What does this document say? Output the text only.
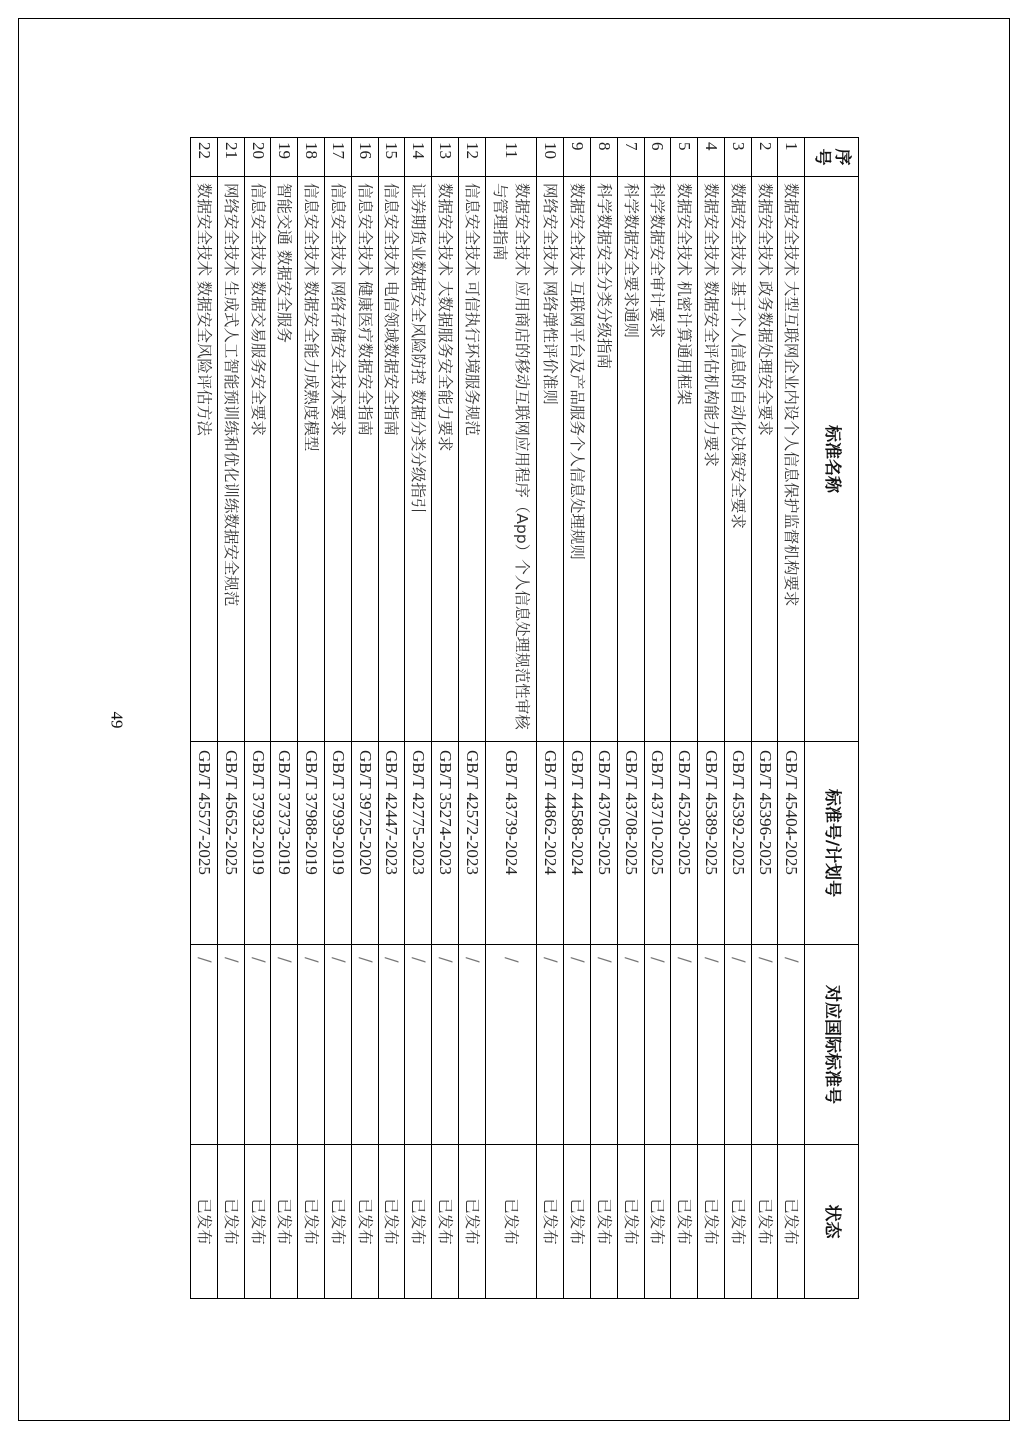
序号	标准名称	标准号/计划号	对应国际标准号	状态
1	数据安全技术 大型互联网企业内设个人信息保护监督机构要求	GB/T 45404-2025	/	已发布
2	数据安全技术 政务数据处理安全要求	GB/T 45396-2025	/	已发布
3	数据安全技术 基于个人信息的自动化决策安全要求	GB/T 45392-2025	/	已发布
4	数据安全技术 数据安全评估机构能力要求	GB/T 45389-2025	/	已发布
5	数据安全技术 机密计算通用框架	GB/T 45230-2025	/	已发布
6	科学数据安全审计要求	GB/T 43710-2025	/	已发布
7	科学数据安全要求通则	GB/T 43708-2025	/	已发布
8	科学数据安全分类分级指南	GB/T 43705-2025	/	已发布
9	数据安全技术 互联网平台及产品服务个人信息处理规则	GB/T 44588-2024	/	已发布
10	网络安全技术 网络弹性评价准则	GB/T 44862-2024	/	已发布
11	数据安全技术 应用商店的移动互联网应用程序（App）个人信息处理规范性审核与管理指南	GB/T 43739-2024	/	已发布
12	信息安全技术 可信执行环境服务规范	GB/T 42572-2023	/	已发布
13	数据安全技术 大数据服务安全能力要求	GB/T 35274-2023	/	已发布
14	证券期货业数据安全风险防控 数据分类分级指引	GB/T 42775-2023	/	已发布
15	信息安全技术 电信领域数据安全指南	GB/T 42447-2023	/	已发布
16	信息安全技术 健康医疗数据安全指南	GB/T 39725-2020	/	已发布
17	信息安全技术 网络存储安全技术要求	GB/T 37939-2019	/	已发布
18	信息安全技术 数据安全能力成熟度模型	GB/T 37988-2019	/	已发布
19	智能交通 数据安全服务	GB/T 37373-2019	/	已发布
20	信息安全技术 数据交易服务安全要求	GB/T 37932-2019	/	已发布
21	网络安全技术 生成式人工智能预训练和优化训练数据安全规范	GB/T 45652-2025	/	已发布
22	数据安全技术 数据安全风险评估方法	GB/T 45577-2025	/	已发布
49
